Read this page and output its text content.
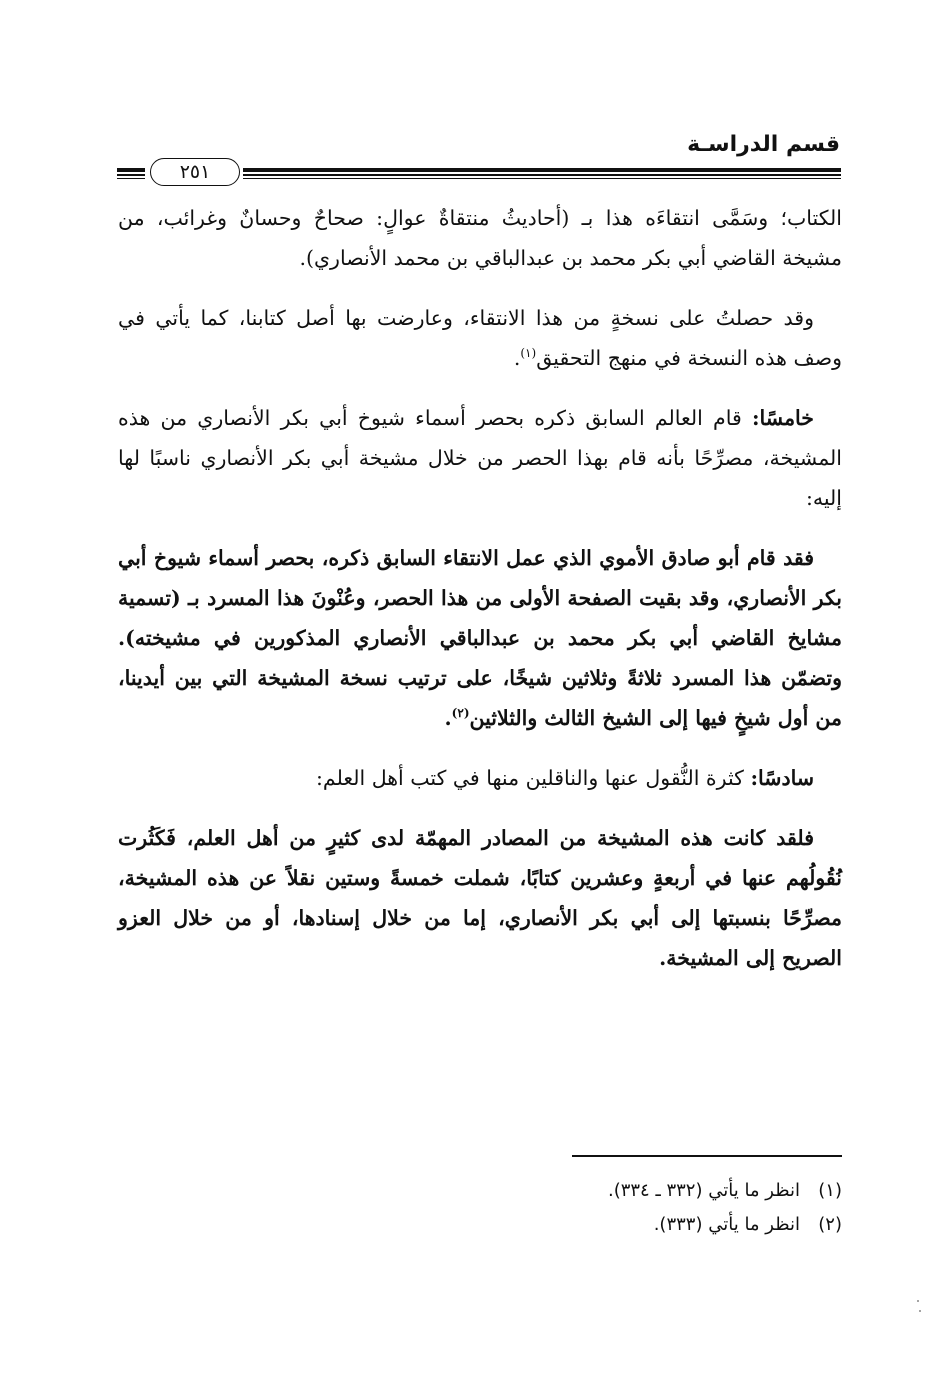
قسم الدراسـة
٢٥١

الكتاب؛ وسَمَّى انتقاءَه هذا بـ (أحاديثُ منتقاةٌ عوالٍ: صحاحٌ وحسانٌ وغرائب، من مشيخة القاضي أبي بكر محمد بن عبدالباقي بن محمد الأنصاري).

وقد حصلتُ على نسخةٍ من هذا الانتقاء، وعارضت بها أصل كتابنا، كما يأتي في وصف هذه النسخة في منهج التحقيق$^{(١)}$.

خامسًا: قام العالم السابق ذكره بحصر أسماء شيوخ أبي بكر الأنصاري من هذه المشيخة، مصرِّحًا بأنه قام بهذا الحصر من خلال مشيخة أبي بكر الأنصاري ناسبًا لها إليه:

فقد قام أبو صادق الأموي الذي عمل الانتقاء السابق ذكره، بحصر أسماء شيوخ أبي بكر الأنصاري، وقد بقيت الصفحة الأولى من هذا الحصر، وعُنْونَ هذا المسرد بـ (تسمية مشايخ القاضي أبي بكر محمد بن عبدالباقي الأنصاري المذكورين في مشيخته). وتضمّن هذا المسرد ثلاثةً وثلاثين شيخًا، على ترتيب نسخة المشيخة التي بين أيدينا، من أول شيخٍ فيها إلى الشيخ الثالث والثلاثين$^{(٢)}$.

سادسًا: كثرة النُّقول عنها والناقلين منها في كتب أهل العلم:

فلقد كانت هذه المشيخة من المصادر المهمّة لدى كثيرٍ من أهل العلم، فَكَثُرت نُقُولُهم عنها في أربعةٍ وعشرين كتابًا، شملت خمسةً وستين نقلاً عن هذه المشيخة، مصرِّحًا بنسبتها إلى أبي بكر الأنصاري، إما من خلال إسنادها، أو من خلال العزو الصريح إلى المشيخة.

(١)انظر ما يأتي (٣٣٢ ـ ٣٣٤).
(٢)انظر ما يأتي (٣٣٣).
